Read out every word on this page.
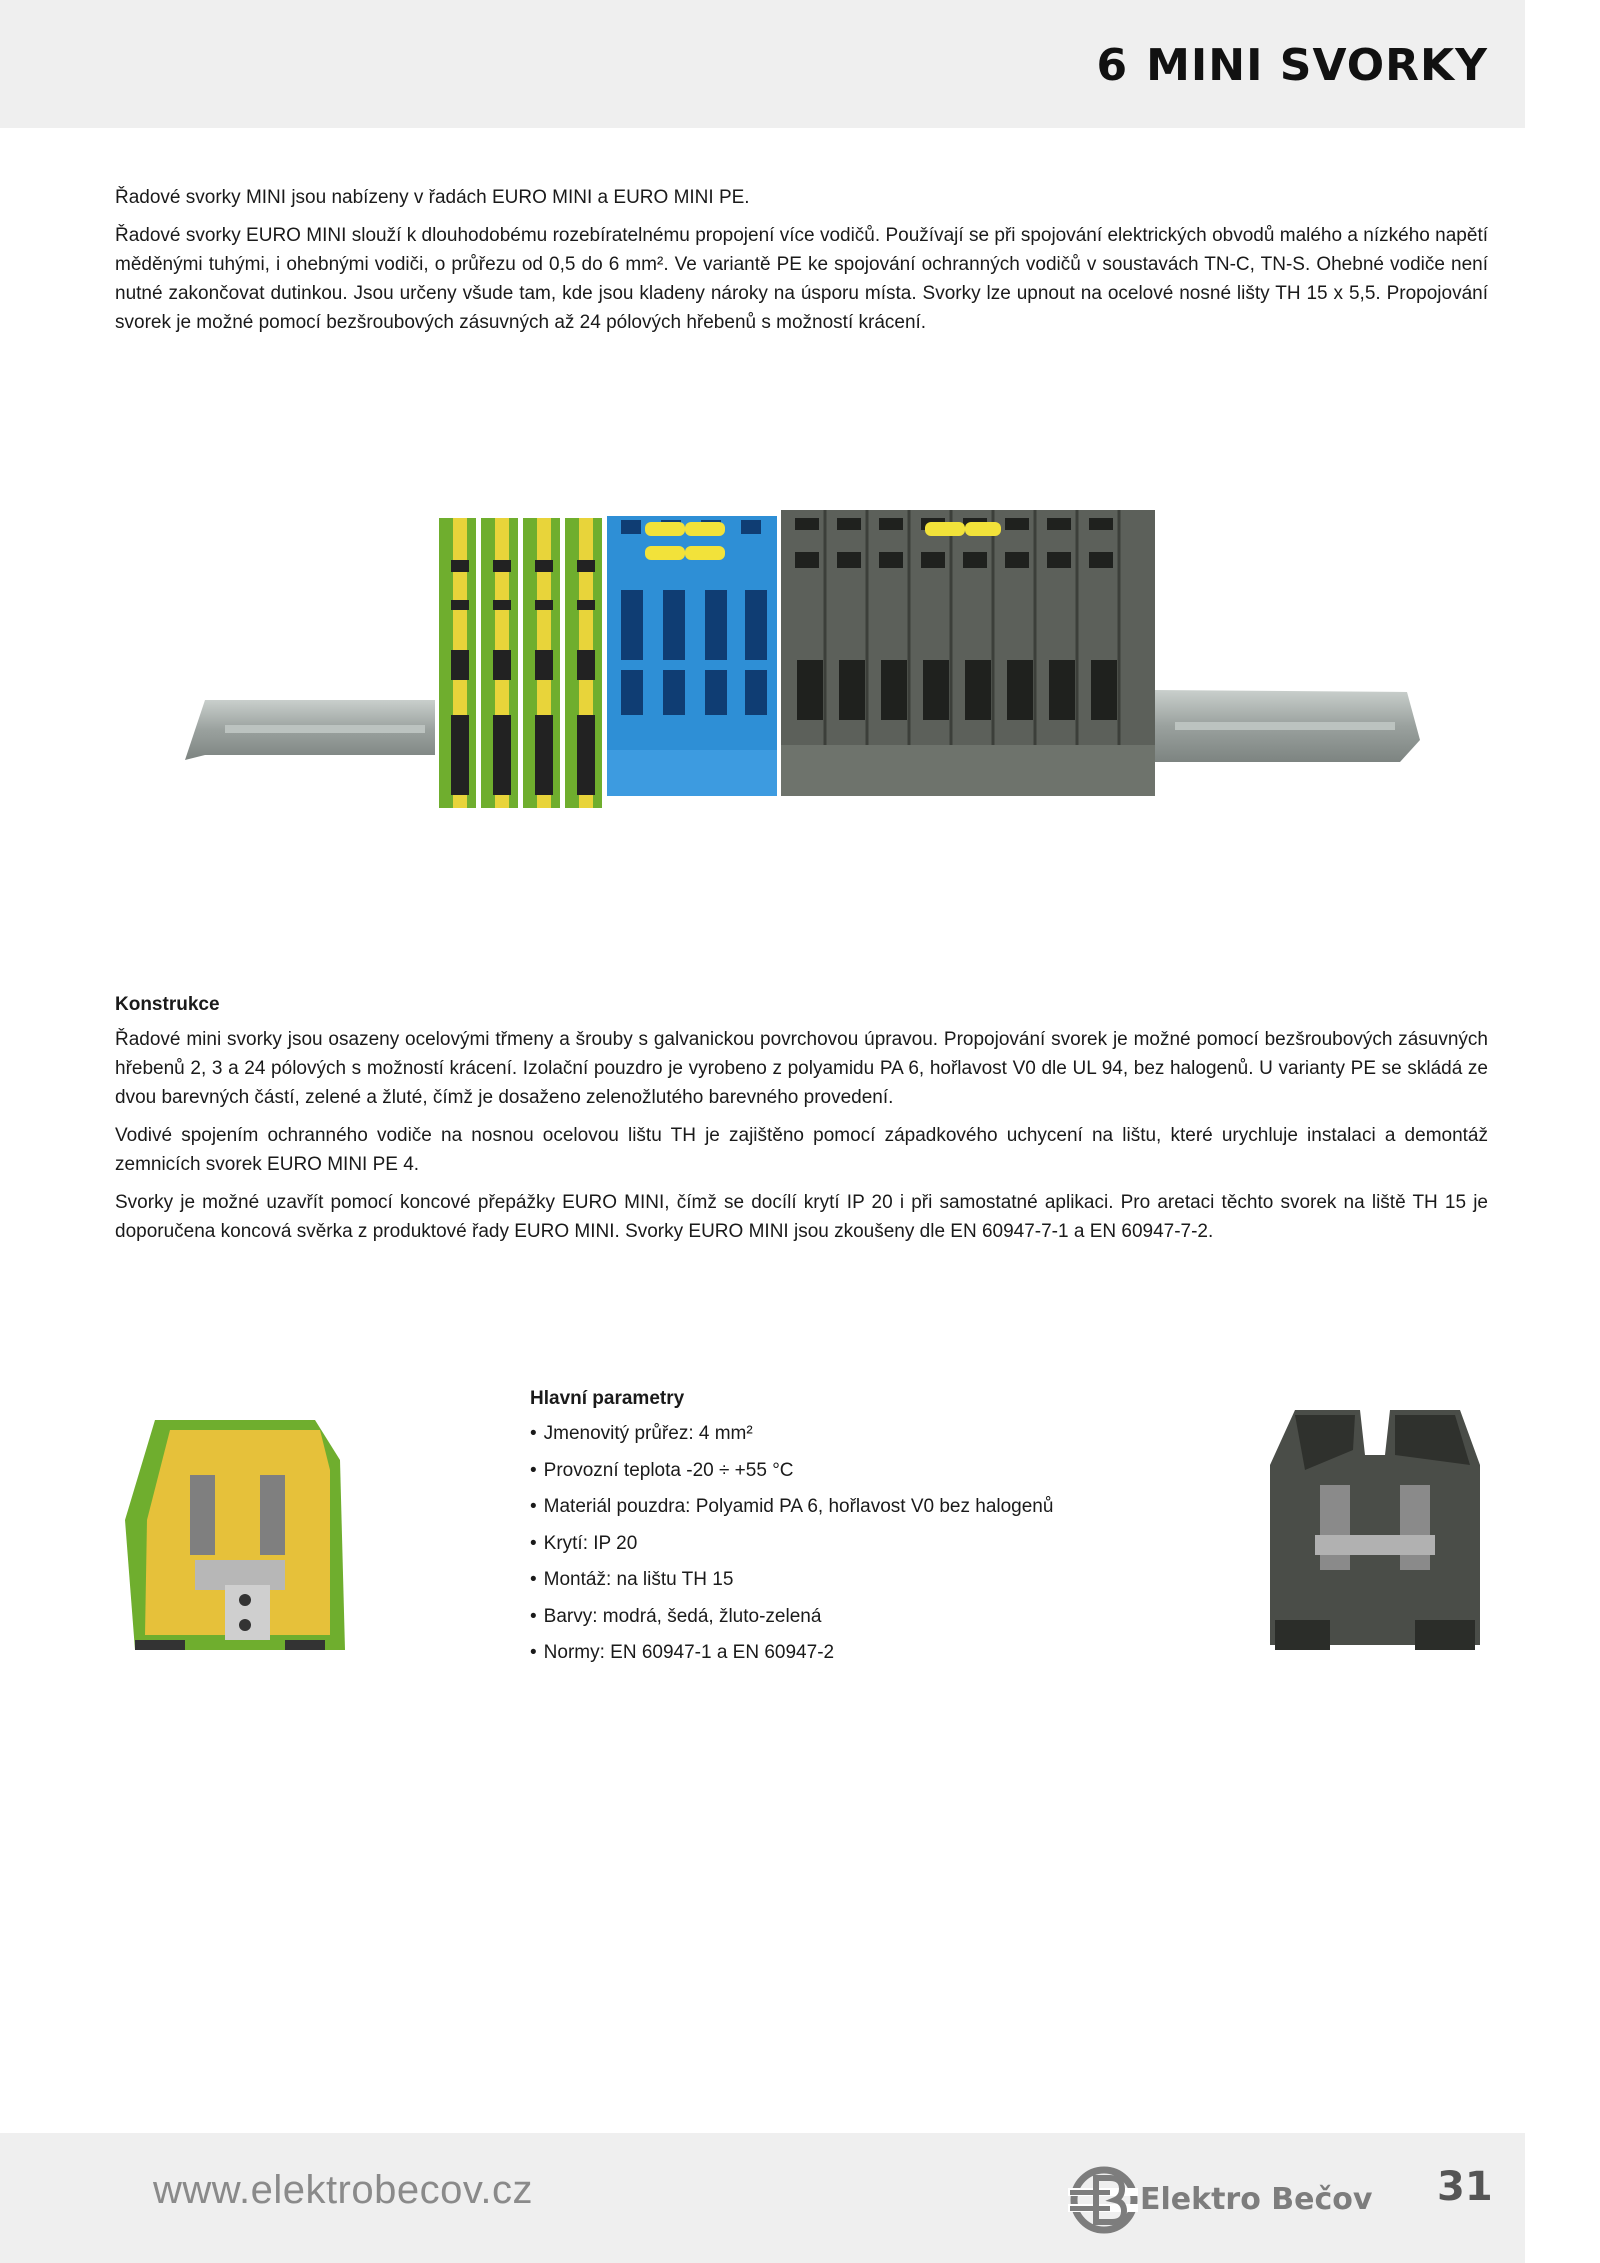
6 MINI SVORKY

Řadové svorky MINI jsou nabízeny v řadách EURO MINI a EURO MINI PE.

Řadové svorky EURO MINI slouží k dlouhodobému rozebíratelnému propojení více vodičů. Používají se při spojování elektrických obvodů malého a nízkého napětí měděnými tuhými, i ohebnými vodiči, o průřezu od 0,5 do 6 mm². Ve variantě PE ke spojování ochranných vodičů v soustavách TN-C, TN-S. Ohebné vodiče není nutné zakončovat dutinkou. Jsou určeny všude tam, kde jsou kladeny nároky na úsporu místa. Svorky lze upnout na ocelové nosné lišty TH 15 x 5,5. Propojování svorek je možné pomocí bezšroubových zásuvných až 24 pólových hřebenů s možností krácení.

Konstrukce

Řadové mini svorky jsou osazeny ocelovými třmeny a šrouby s galvanickou povrchovou úpravou. Propojování svorek je možné pomocí bezšroubových zásuvných hřebenů 2, 3 a 24 pólových s možností krácení. Izolační pouzdro je vyrobeno z polyamidu PA 6, hořlavost V0 dle UL 94, bez halogenů. U varianty PE se skládá ze dvou barevných částí, zelené a žluté, čímž je dosaženo zelenožlutého barevného provedení.

Vodivé spojením ochranného vodiče na nosnou ocelovou lištu TH je zajištěno pomocí západkového uchycení na lištu, které urychluje instalaci a demontáž zemnicích svorek EURO MINI PE 4.

Svorky je možné uzavřít pomocí koncové přepážky EURO MINI, čímž se docílí krytí IP 20 i při samostatné aplikaci. Pro aretaci těchto svorek na liště TH 15 je doporučena koncová svěrka z produktové řady EURO MINI. Svorky EURO MINI jsou zkoušeny dle EN 60947-7-1 a EN 60947-7-2.

Hlavní parametry
• Jmenovitý průřez: 4 mm²
• Provozní teplota -20 ÷ +55 °C
• Materiál pouzdra: Polyamid PA 6, hořlavost V0 bez halogenů
• Krytí: IP 20
• Montáž: na lištu TH 15
• Barvy: modrá, šedá, žluto-zelená
• Normy: EN 60947-1 a EN 60947-2
www.elektrobecov.cz	Elektro Bečov 31
